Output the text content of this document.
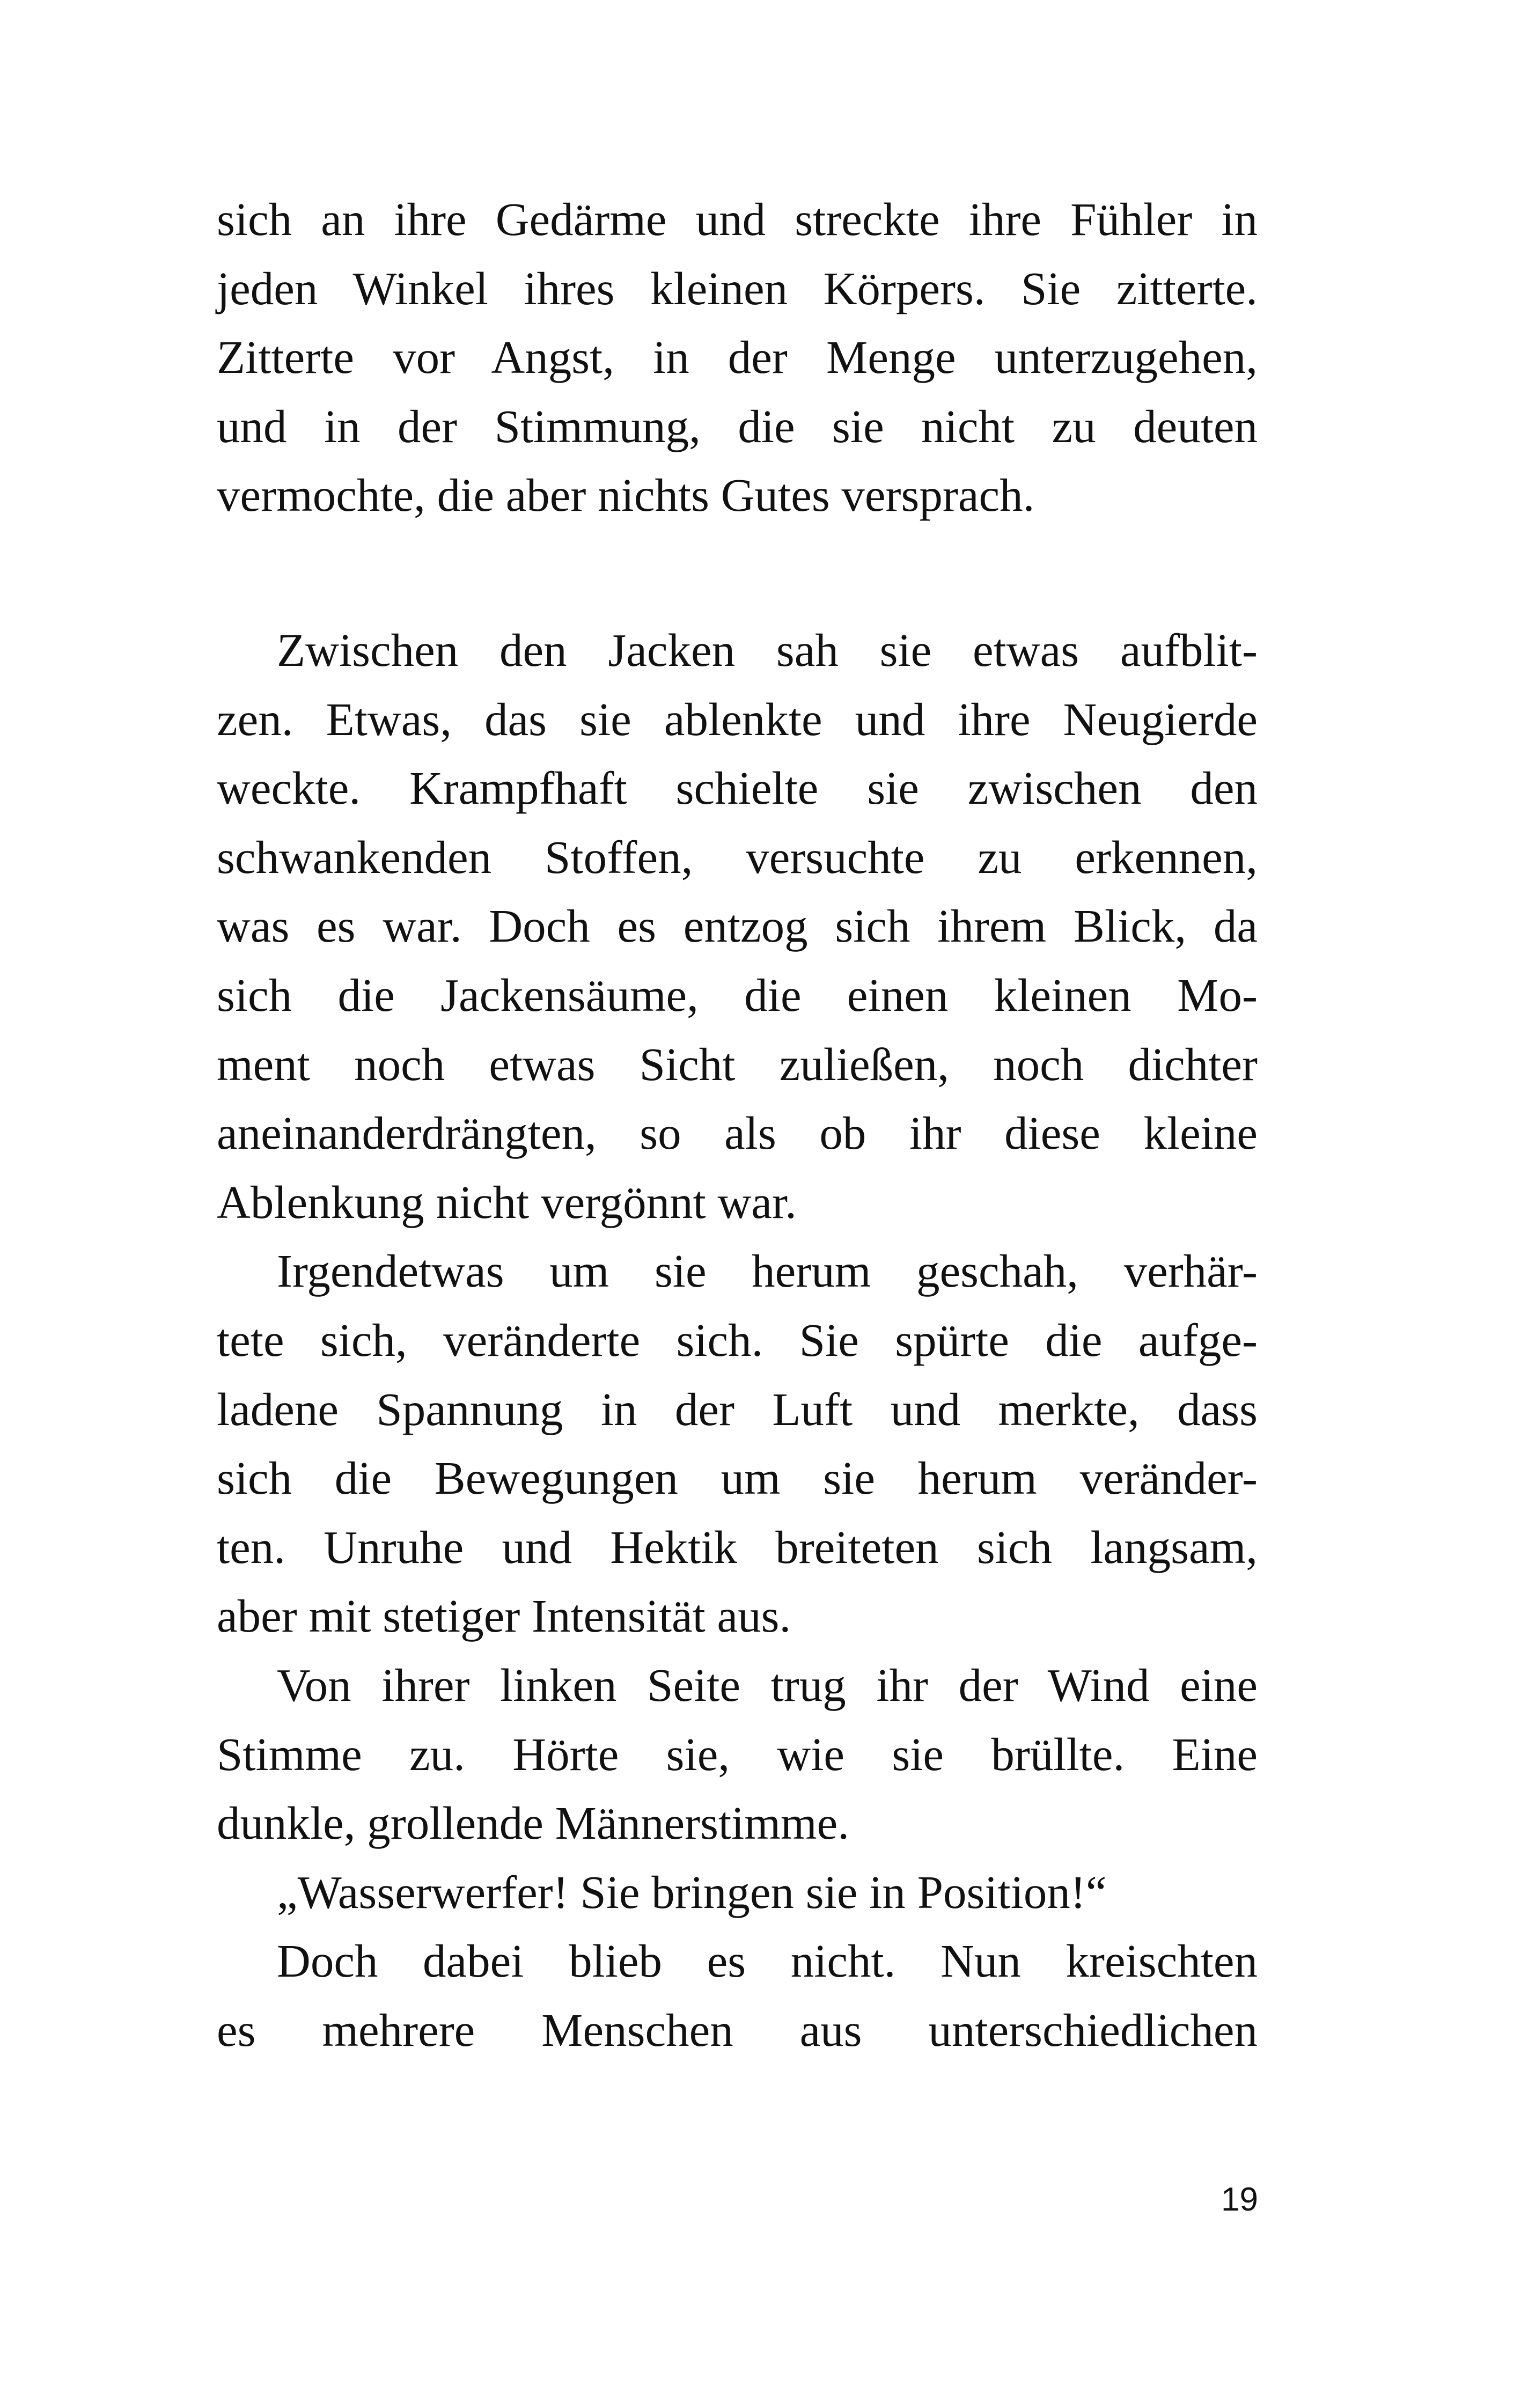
sich an ihre Gedärme und streckte ihre Fühler in
jeden Winkel ihres kleinen Körpers. Sie zitterte.
Zitterte vor Angst, in der Menge unterzugehen,
und in der Stimmung, die sie nicht zu deuten
vermochte, die aber nichts Gutes versprach.

Zwischen den Jacken sah sie etwas aufblit-
zen. Etwas, das sie ablenkte und ihre Neugierde
weckte. Krampfhaft schielte sie zwischen den
schwankenden Stoffen, versuchte zu erkennen,
was es war. Doch es entzog sich ihrem Blick, da
sich die Jackensäume, die einen kleinen Mo-
ment noch etwas Sicht zuließen, noch dichter
aneinanderdrängten, so als ob ihr diese kleine
Ablenkung nicht vergönnt war.

Irgendetwas um sie herum geschah, verhär-
tete sich, veränderte sich. Sie spürte die aufge-
ladene Spannung in der Luft und merkte, dass
sich die Bewegungen um sie herum veränder-
ten. Unruhe und Hektik breiteten sich langsam,
aber mit stetiger Intensität aus.

Von ihrer linken Seite trug ihr der Wind eine
Stimme zu. Hörte sie, wie sie brüllte. Eine
dunkle, grollende Männerstimme.

„Wasserwerfer! Sie bringen sie in Position!“

Doch dabei blieb es nicht. Nun kreischten
es mehrere Menschen aus unterschiedlichen

19
